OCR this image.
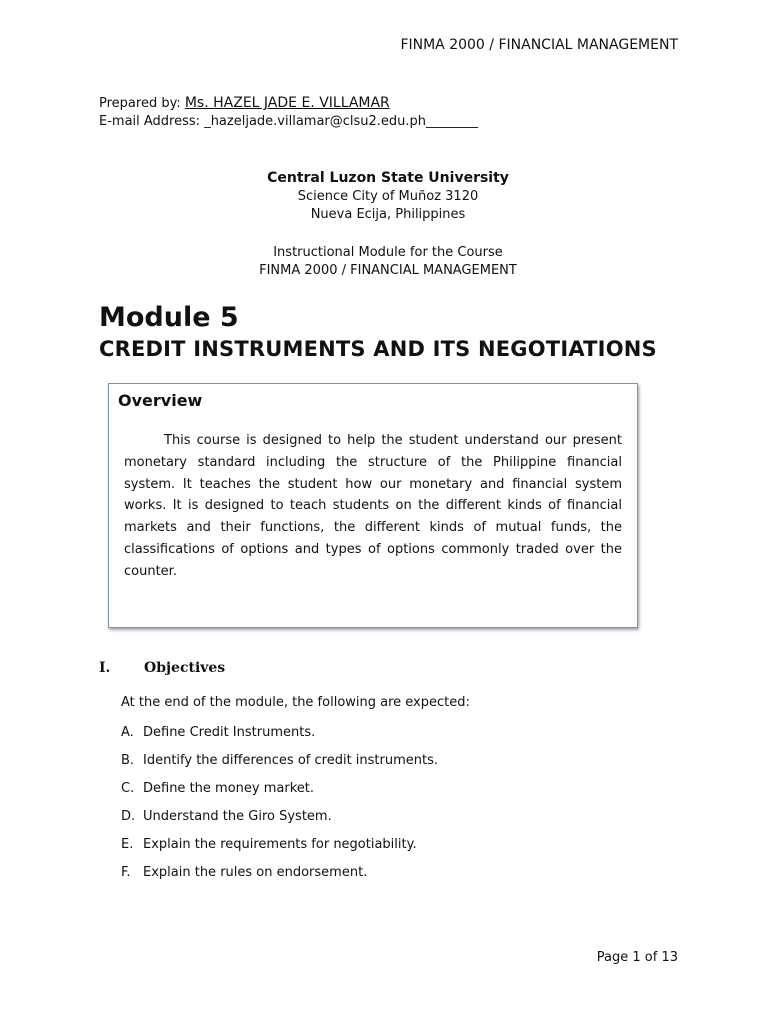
FINMA 2000 / FINANCIAL MANAGEMENT
Prepared by: Ms. HAZEL JADE E. VILLAMAR
E-mail Address: _hazeljade.villamar@clsu2.edu.ph________
Central Luzon State University
Science City of Muñoz 3120
Nueva Ecija, Philippines
Instructional Module for the Course
FINMA 2000 / FINANCIAL MANAGEMENT
Module 5
CREDIT INSTRUMENTS AND ITS NEGOTIATIONS
Overview
This course is designed to help the student understand our present monetary standard including the structure of the Philippine financial system. It teaches the student how our monetary and financial system works. It is designed to teach students on the different kinds of financial markets and their functions, the different kinds of mutual funds, the classifications of options and types of options commonly traded over the counter.
I. Objectives
At the end of the module, the following are expected:
A. Define Credit Instruments.
B. Identify the differences of credit instruments.
C. Define the money market.
D. Understand the Giro System.
E. Explain the requirements for negotiability.
F. Explain the rules on endorsement.
Page 1 of 13
